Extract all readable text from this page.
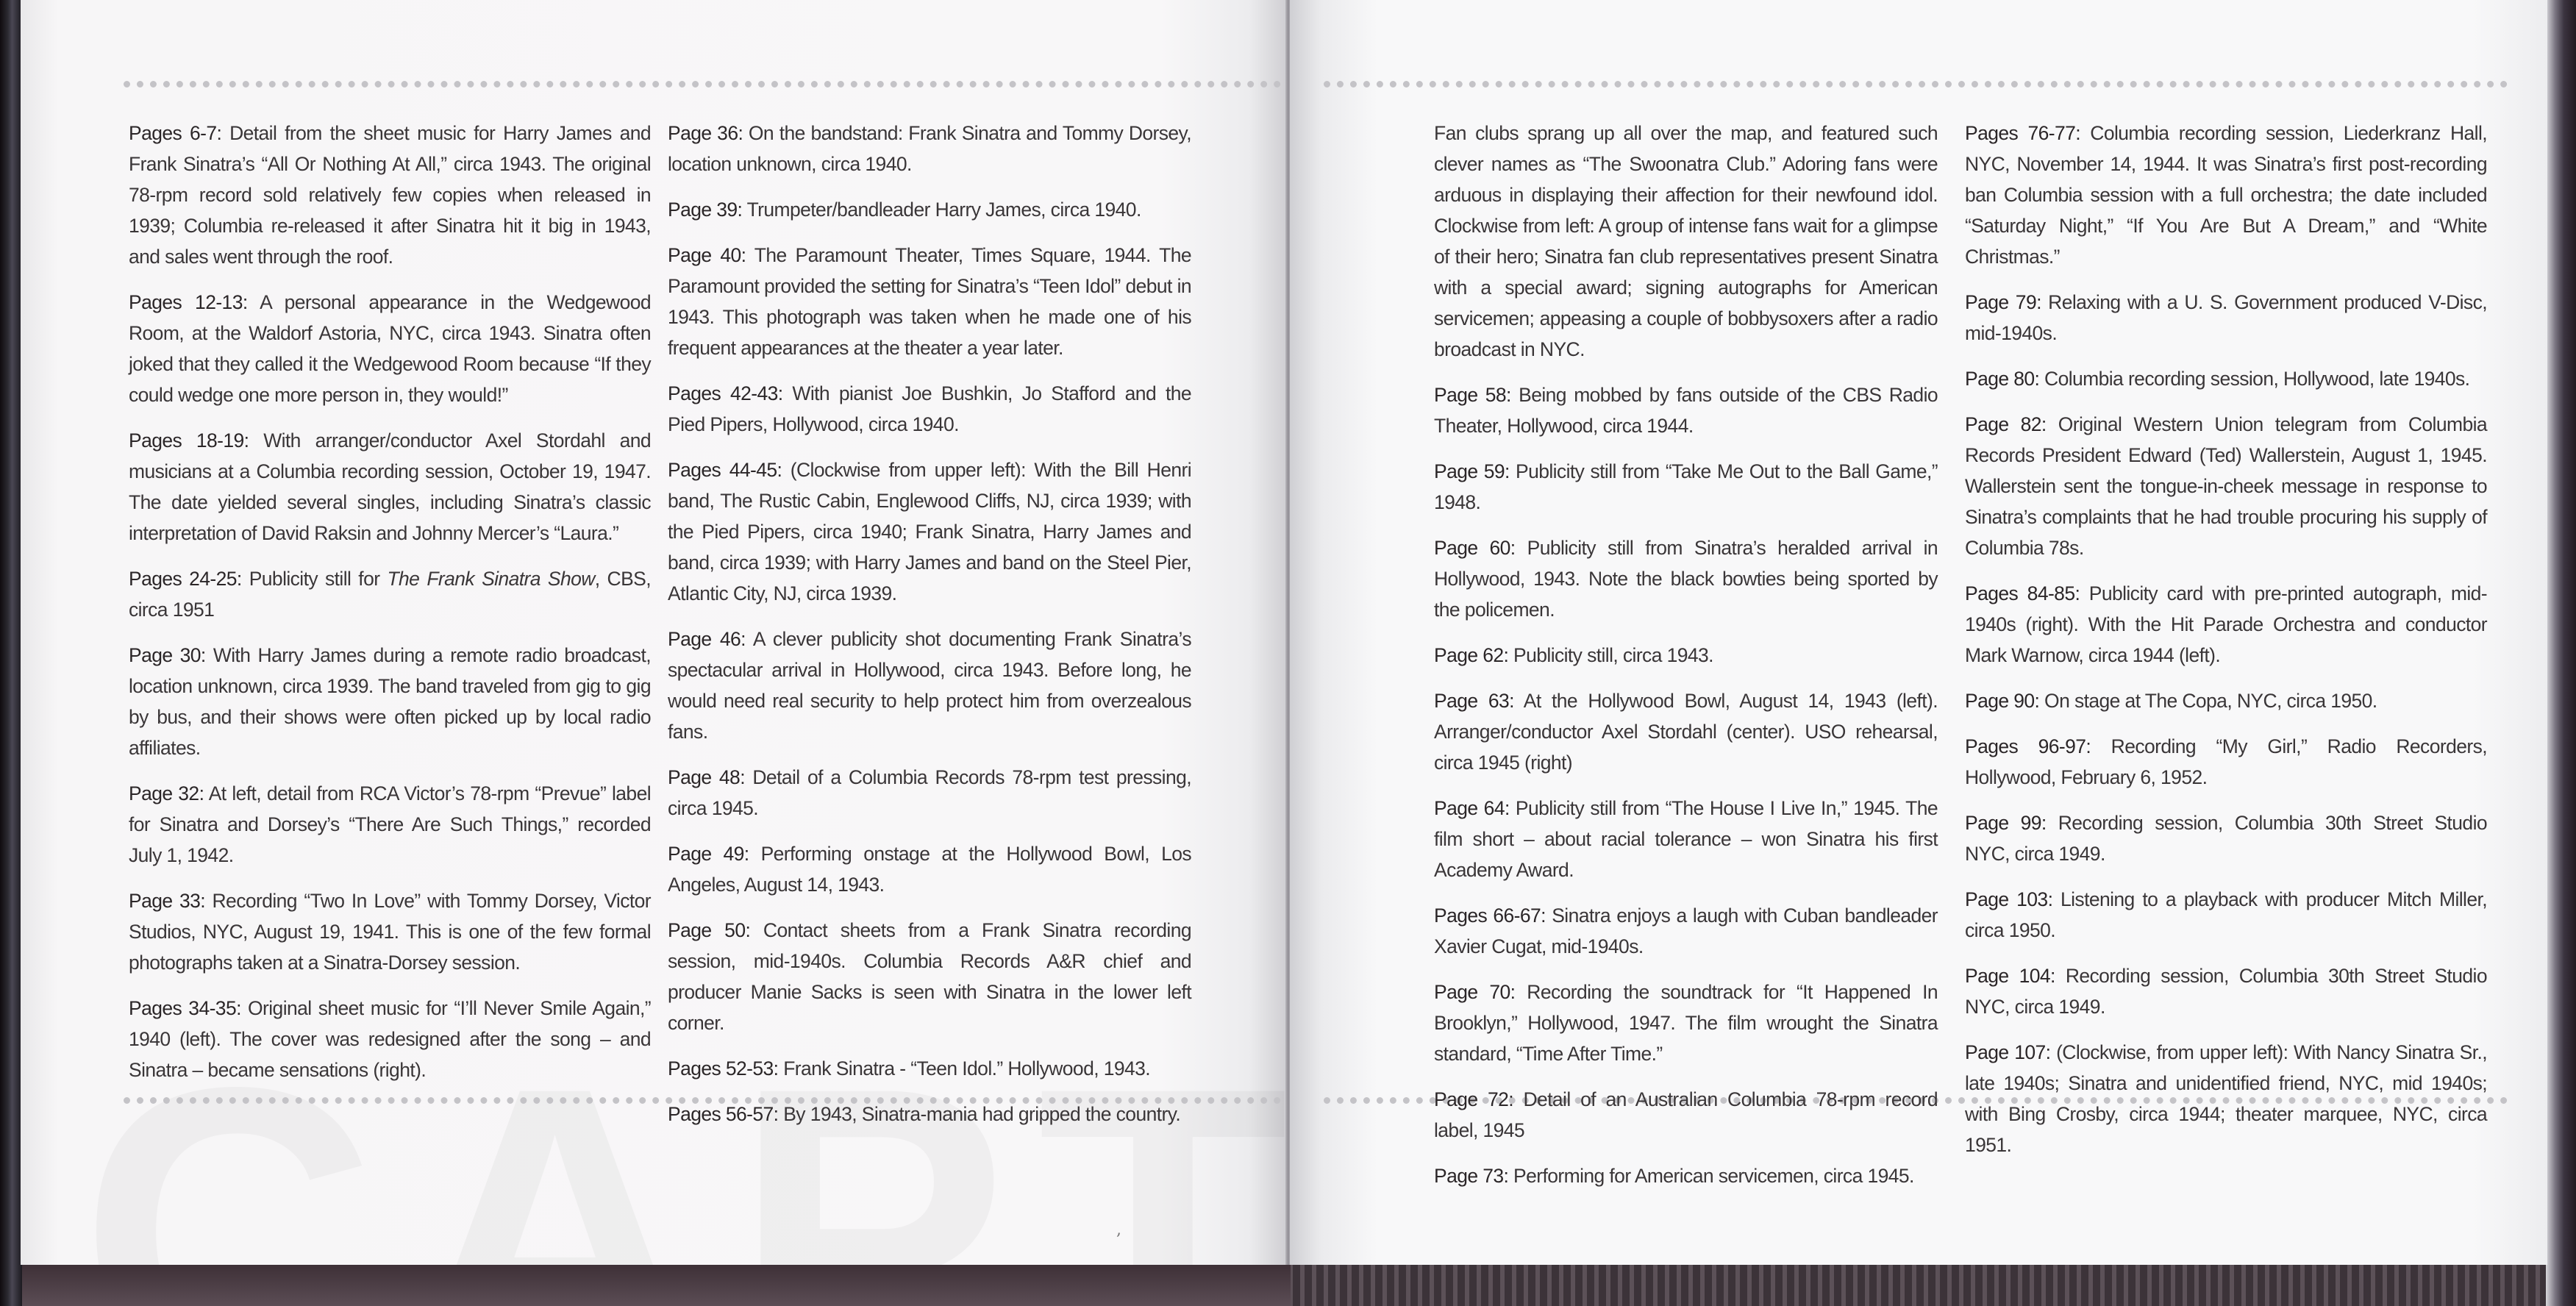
Pages 6-7: Detail from the sheet music for Harry James and Frank Sinatra’s “All Or Nothing At All,” circa 1943. The original 78-rpm record sold relatively few copies when released in 1939; Columbia re-released it after Sinatra hit it big in 1943, and sales went through the roof.

Pages 12-13: A personal appearance in the Wedgewood Room, at the Waldorf Astoria, NYC, circa 1943. Sinatra often joked that they called it the Wedgewood Room because “If they could wedge one more person in, they would!”

Pages 18-19: With arranger/conductor Axel Stordahl and musicians at a Columbia recording session, October 19, 1947. The date yielded several singles, including Sinatra’s classic interpretation of David Raksin and Johnny Mercer’s “Laura.”

Pages 24-25: Publicity still for The Frank Sinatra Show, CBS, circa 1951

Page 30: With Harry James during a remote radio broadcast, location unknown, circa 1939. The band traveled from gig to gig by bus, and their shows were often picked up by local radio affiliates.

Page 32: At left, detail from RCA Victor’s 78-rpm “Prevue” label for Sinatra and Dorsey’s “There Are Such Things,” recorded July 1, 1942.

Page 33: Recording “Two In Love” with Tommy Dorsey, Victor Studios, NYC, August 19, 1941. This is one of the few formal photographs taken at a Sinatra-Dorsey session.

Pages 34-35: Original sheet music for “I’ll Never Smile Again,” 1940 (left). The cover was redesigned after the song – and Sinatra – became sensations (right).

Page 36: On the bandstand: Frank Sinatra and Tommy Dorsey, location unknown, circa 1940.

Page 39: Trumpeter/bandleader Harry James, circa 1940.

Page 40: The Paramount Theater, Times Square, 1944. The Paramount provided the setting for Sinatra’s “Teen Idol” debut in 1943. This photograph was taken when he made one of his frequent appearances at the theater a year later.

Pages 42-43: With pianist Joe Bushkin, Jo Stafford and the Pied Pipers, Hollywood, circa 1940.

Pages 44-45: (Clockwise from upper left): With the Bill Henri band, The Rustic Cabin, Englewood Cliffs, NJ, circa 1939; with the Pied Pipers, circa 1940; Frank Sinatra, Harry James and band, circa 1939; with Harry James and band on the Steel Pier, Atlantic City, NJ, circa 1939.

Page 46: A clever publicity shot documenting Frank Sinatra’s spectacular arrival in Hollywood, circa 1943. Before long, he would need real security to help protect him from overzealous fans.

Page 48: Detail of a Columbia Records 78-rpm test pressing, circa 1945.

Page 49: Performing onstage at the Hollywood Bowl, Los Angeles, August 14, 1943.

Page 50: Contact sheets from a Frank Sinatra recording session, mid-1940s. Columbia Records A&R chief and producer Manie Sacks is seen with Sinatra in the lower left corner.

Pages 52-53: Frank Sinatra - “Teen Idol.” Hollywood, 1943.

Pages 56-57: By 1943, Sinatra-mania had gripped the country.

,

Fan clubs sprang up all over the map, and featured such clever names as “The Swoonatra Club.” Adoring fans were arduous in displaying their affection for their newfound idol. Clockwise from left: A group of intense fans wait for a glimpse of their hero; Sinatra fan club representatives present Sinatra with a special award; signing autographs for American servicemen; appeasing a couple of bobbysoxers after a radio broadcast in NYC.

Page 58: Being mobbed by fans outside of the CBS Radio Theater, Hollywood, circa 1944.

Page 59: Publicity still from “Take Me Out to the Ball Game,” 1948.

Page 60: Publicity still from Sinatra’s heralded arrival in Hollywood, 1943. Note the black bowties being sported by the policemen.

Page 62: Publicity still, circa 1943.

Page 63: At the Hollywood Bowl, August 14, 1943 (left). Arranger/conductor Axel Stordahl (center). USO rehearsal, circa 1945 (right)

Page 64: Publicity still from “The House I Live In,” 1945. The film short – about racial tolerance – won Sinatra his first Academy Award.

Pages 66-67: Sinatra enjoys a laugh with Cuban bandleader Xavier Cugat, mid-1940s.

Page 70: Recording the soundtrack for “It Happened In Brooklyn,” Hollywood, 1947. The film wrought the Sinatra standard, “Time After Time.”

Page 72: Detail of an Australian Columbia 78-rpm record label, 1945

Page 73: Performing for American servicemen, circa 1945.

Pages 76-77: Columbia recording session, Liederkranz Hall, NYC, November 14, 1944. It was Sinatra’s first post-recording ban Columbia session with a full orchestra; the date included “Saturday Night,” “If You Are But A Dream,” and “White Christmas.”

Page 79: Relaxing with a U. S. Government produced V-Disc, mid-1940s.

Page 80: Columbia recording session, Hollywood, late 1940s.

Page 82: Original Western Union telegram from Columbia Records President Edward (Ted) Wallerstein, August 1, 1945. Wallerstein sent the tongue-in-cheek message in response to Sinatra’s complaints that he had trouble procuring his supply of Columbia 78s.

Pages 84-85: Publicity card with pre-printed autograph, mid-1940s (right). With the Hit Parade Orchestra and conductor Mark Warnow, circa 1944 (left).

Page 90: On stage at The Copa, NYC, circa 1950.

Pages 96-97: Recording “My Girl,” Radio Recorders, Hollywood, February 6, 1952.

Page 99: Recording session, Columbia 30th Street Studio NYC, circa 1949.

Page 103: Listening to a playback with producer Mitch Miller, circa 1950.

Page 104: Recording session, Columbia 30th Street Studio NYC, circa 1949.

Page 107: (Clockwise, from upper left): With Nancy Sinatra Sr., late 1940s; Sinatra and unidentified friend, NYC, mid 1940s; with Bing Crosby, circa 1944; theater marquee, NYC, circa 1951.
